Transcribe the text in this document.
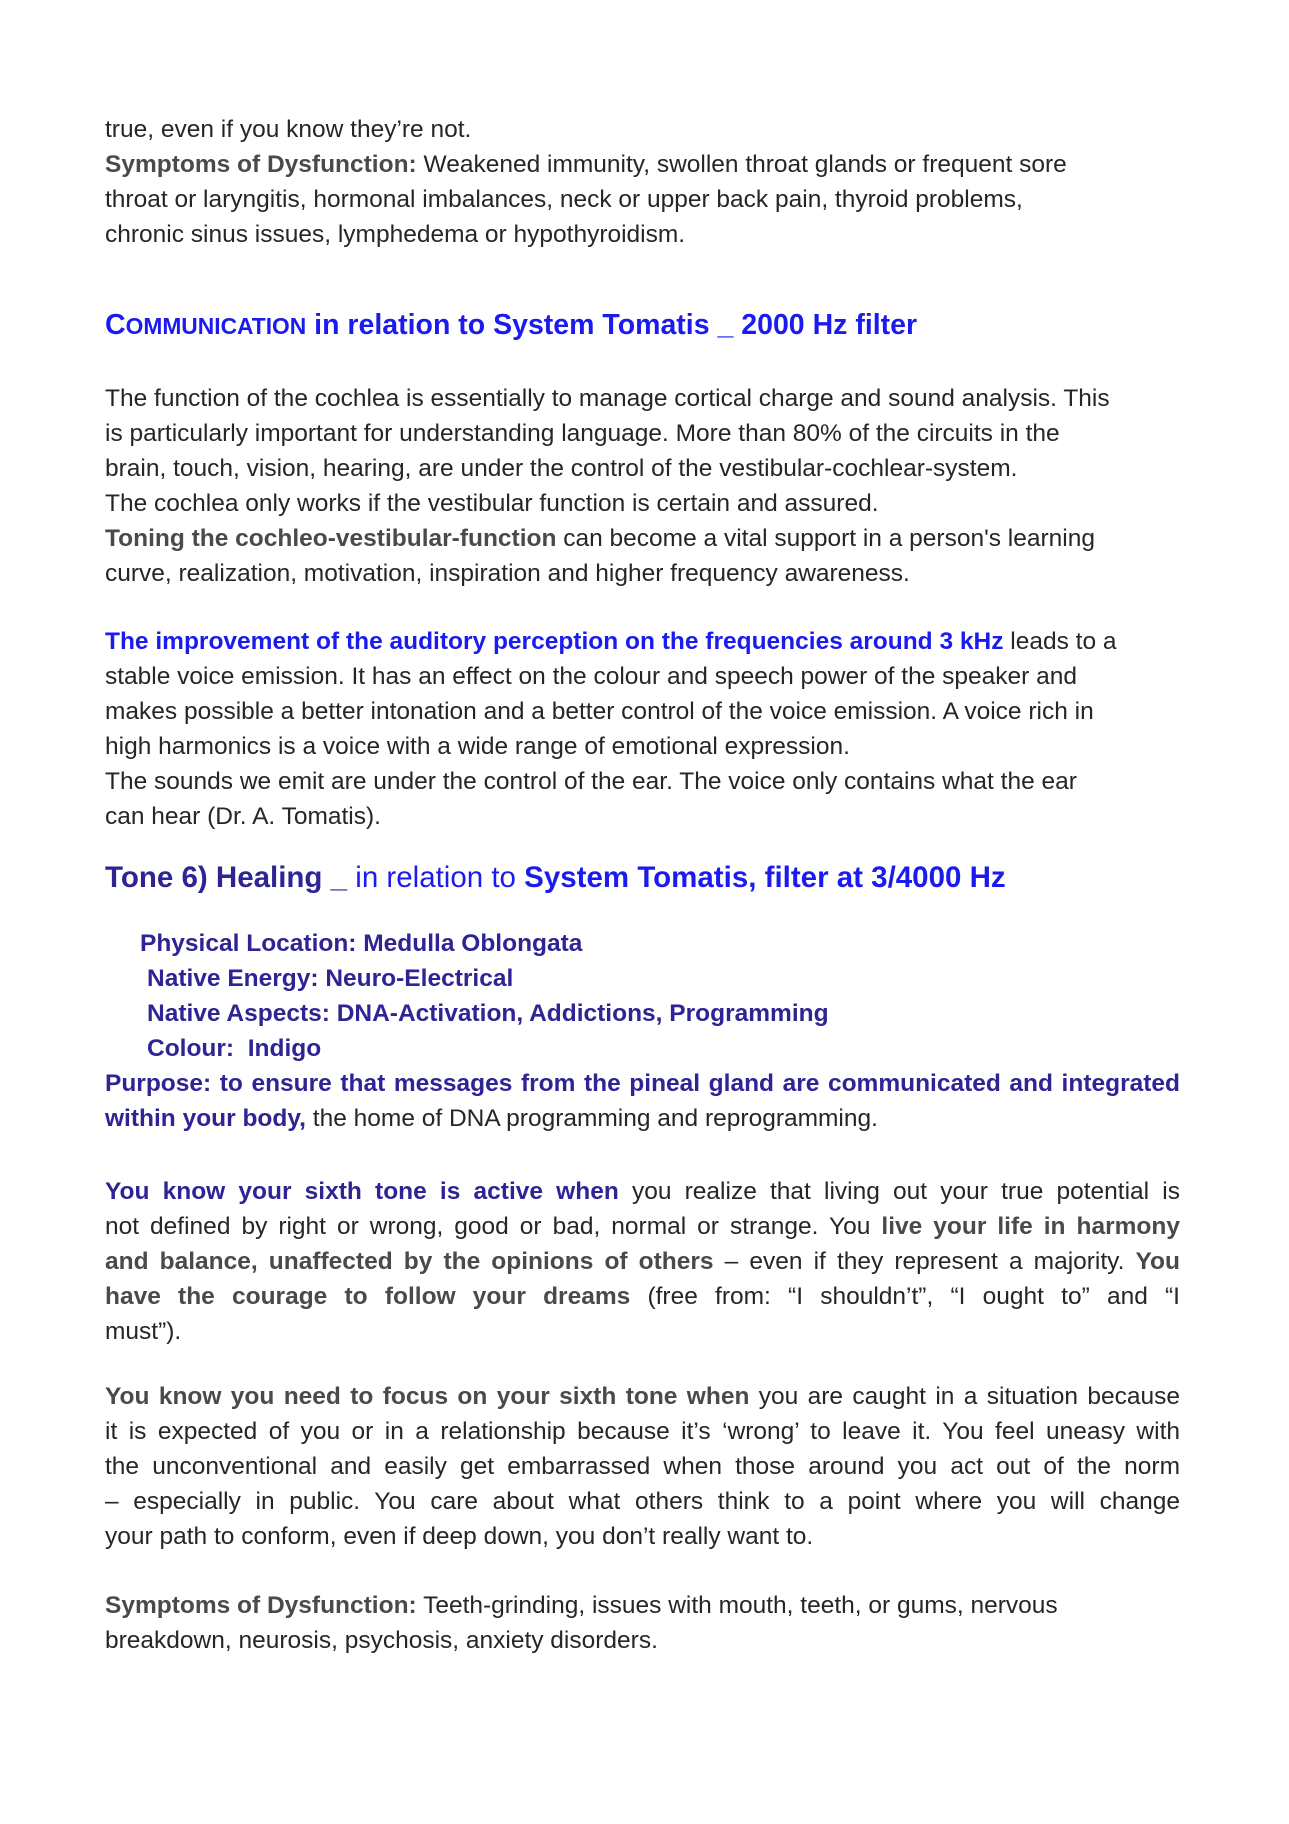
true, even if you know they’re not.
Symptoms of Dysfunction: Weakened immunity, swollen throat glands or frequent sore
throat or laryngitis, hormonal imbalances, neck or upper back pain, thyroid problems,
chronic sinus issues, lymphedema or hypothyroidism.
COMMUNICATION in relation to System Tomatis _ 2000 Hz filter
The function of the cochlea is essentially to manage cortical charge and sound analysis. This
is particularly important for understanding language. More than 80% of the circuits in the
brain, touch, vision, hearing, are under the control of the vestibular-cochlear-system.
The cochlea only works if the vestibular function is certain and assured.
Toning the cochleo-vestibular-function can become a vital support in a person's learning
curve, realization, motivation, inspiration and higher frequency awareness.
The improvement of the auditory perception on the frequencies around 3 kHz leads to a
stable voice emission. It has an effect on the colour and speech power of the speaker and
makes possible a better intonation and a better control of the voice emission. A voice rich in
high harmonics is a voice with a wide range of emotional expression.
The sounds we emit are under the control of the ear. The voice only contains what the ear
can hear (Dr. A. Tomatis).
Tone 6) Healing _ in relation to System Tomatis, filter at 3/4000 Hz
Physical Location: Medulla Oblongata
Native Energy: Neuro-Electrical
Native Aspects: DNA-Activation, Addictions, Programming
Colour:  Indigo
Purpose: to ensure that messages from the pineal gland are communicated and integrated
within your body, the home of DNA programming and reprogramming.
You know your sixth tone is active when you realize that living out your true potential is
not defined by right or wrong, good or bad, normal or strange. You live your life in harmony
and balance, unaffected by the opinions of others – even if they represent a majority. You
have the courage to follow your dreams (free from: “I shouldn’t”, “I ought to” and “I
must”).
You know you need to focus on your sixth tone when you are caught in a situation because
it is expected of you or in a relationship because it’s ‘wrong’ to leave it. You feel uneasy with
the unconventional and easily get embarrassed when those around you act out of the norm
– especially in public. You care about what others think to a point where you will change
your path to conform, even if deep down, you don’t really want to.
Symptoms of Dysfunction: Teeth-grinding, issues with mouth, teeth, or gums, nervous
breakdown, neurosis, psychosis, anxiety disorders.
